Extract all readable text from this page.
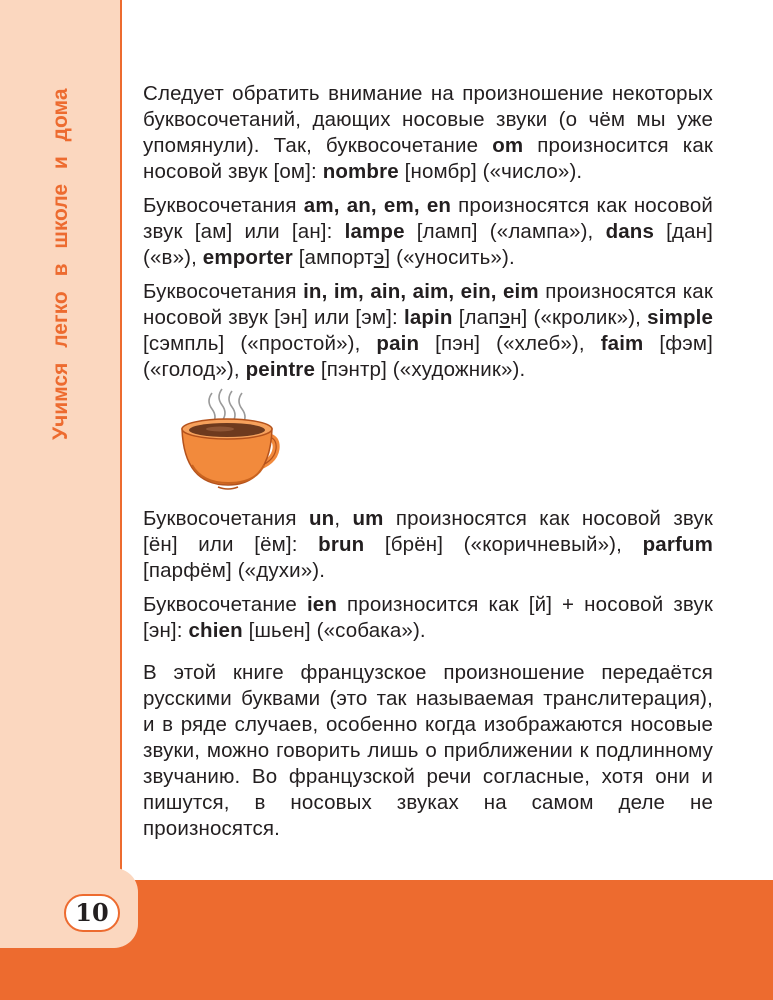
Учимся легко в школе и дома
10

Следует обратить внимание на произношение некоторых буквосочетаний, дающих носовые звуки (о чём мы уже упомянули). Так, буквосочетание om произносится как носовой звук [ом]: nombre [номбр] («число»).

Буквосочетания am, an, em, en произносятся как носовой звук [ам] или [ан]: lampe [ламп] («лампа»), dans [дан] («в»), emporter [ампортэ] («уносить»).

Буквосочетания in, im, ain, aim, ein, eim произносятся как носовой звук [эн] или [эм]: lapin [лапэн] («кролик»), simple [сэмпль] («простой»), pain [пэн] («хлеб»), faim [фэм] («голод»), peintre [пэнтр] («художник»).

Буквосочетания un, um произносятся как носовой звук [ён] или [ём]: brun [брён] («коричневый»), parfum [парфём] («духи»).

Буквосочетание ien произносится как [й] + носовой звук [эн]: chien [шьен] («собака»).

В этой книге французское произношение передаётся русскими буквами (это так называемая транслитерация), и в ряде случаев, особенно когда изображаются носовые звуки, можно говорить лишь о приближении к подлинному звучанию. Во французской речи согласные, хотя они и пишутся, в носовых звуках на самом деле не произносятся.
